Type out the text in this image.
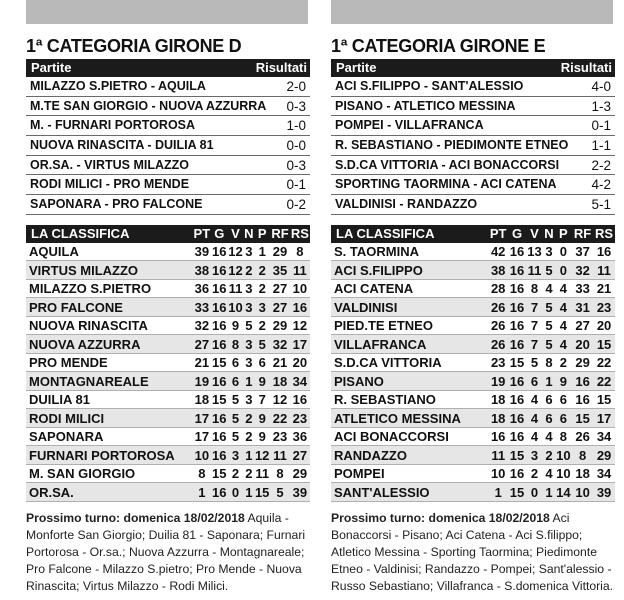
1ª CATEGORIA GIRONE D
Partite	Risultati
MILAZZO S.PIETRO - AQUILA	2-0
M.TE SAN GIORGIO - NUOVA AZZURRA	0-3
M. - FURNARI PORTOROSA	1-0
NUOVA RINASCITA - DUILIA 81	0-0
OR.SA. - VIRTUS MILAZZO	0-3
RODI MILICI - PRO MENDE	0-1
SAPONARA - PRO FALCONE	0-2
LA CLASSIFICA	PT	G	V	N	P	RF	RS
AQUILA	39	16	12	3	1	29	8
VIRTUS MILAZZO	38	16	12	2	2	35	11
MILAZZO S.PIETRO	36	16	11	3	2	27	10
PRO FALCONE	33	16	10	3	3	27	16
NUOVA RINASCITA	32	16	9	5	2	29	12
NUOVA AZZURRA	27	16	8	3	5	32	17
PRO MENDE	21	15	6	3	6	21	20
MONTAGNAREALE	19	16	6	1	9	18	34
DUILIA 81	18	15	5	3	7	12	16
RODI MILICI	17	16	5	2	9	22	23
SAPONARA	17	16	5	2	9	23	36
FURNARI PORTOROSA	10	16	3	1	12	11	27
M. SAN GIORGIO	8	15	2	2	11	8	29
OR.SA.	1	16	0	1	15	5	39
Prossimo turno: domenica 18/02/2018 Aquila - Monforte San Giorgio; Duilia 81 - Saponara; Furnari Portorosa - Or.sa.; Nuova Azzurra - Montagnareale; Pro Falcone - Milazzo S.pietro; Pro Mende - Nuova Rinascita; Virtus Milazzo - Rodi Milici.
1ª CATEGORIA GIRONE E
Partite	Risultati
ACI S.FILIPPO - SANT'ALESSIO	4-0
PISANO - ATLETICO MESSINA	1-3
POMPEI - VILLAFRANCA	0-1
R. SEBASTIANO - PIEDIMONTE ETNEO	1-1
S.D.CA VITTORIA - ACI BONACCORSI	2-2
SPORTING TAORMINA - ACI CATENA	4-2
VALDINISI - RANDAZZO	5-1
LA CLASSIFICA	PT	G	V	N	P	RF	RS
S. TAORMINA	42	16	13	3	0	37	16
ACI S.FILIPPO	38	16	11	5	0	32	11
ACI CATENA	28	16	8	4	4	33	21
VALDINISI	26	16	7	5	4	31	23
PIED.TE ETNEO	26	16	7	5	4	27	20
VILLAFRANCA	26	16	7	5	4	20	15
S.D.CA VITTORIA	23	15	5	8	2	29	22
PISANO	19	16	6	1	9	16	22
R. SEBASTIANO	18	16	4	6	6	16	15
ATLETICO MESSINA	18	16	4	6	6	15	17
ACI BONACCORSI	16	16	4	4	8	26	34
RANDAZZO	11	15	3	2	10	8	29
POMPEI	10	16	2	4	10	18	34
SANT'ALESSIO	1	15	0	1	14	10	39
Prossimo turno: domenica 18/02/2018 Aci Bonaccorsi - Pisano; Aci Catena - Aci S.filippo; Atletico Messina - Sporting Taormina; Piedimonte Etneo - Valdinisi; Randazzo - Pompei; Sant'alessio - Russo Sebastiano; Villafranca - S.domenica Vittoria.
